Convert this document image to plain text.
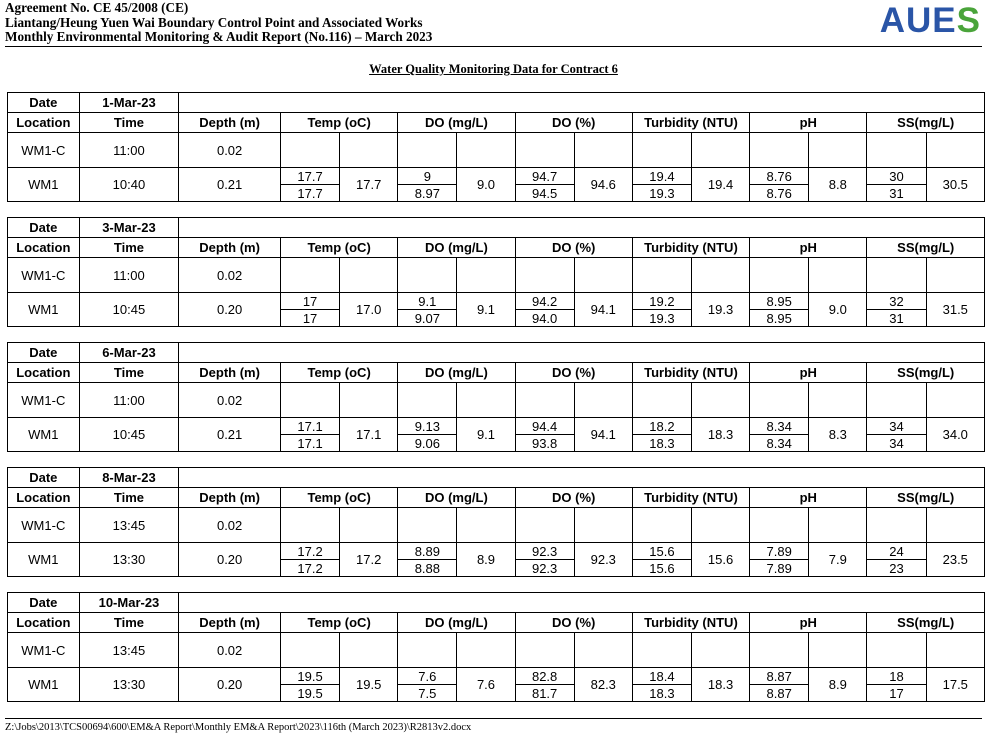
Agreement No. CE 45/2008 (CE)
Liantang/Heung Yuen Wai Boundary Control Point and Associated Works
Monthly Environmental Monitoring & Audit Report (No.116) – March 2023	AUES
Water Quality Monitoring Data for Contract 6
Date	1-Mar-23													
Location	Time	Depth (m)	Temp (oC)		DO (mg/L)		DO (%)		Turbidity (NTU)		pH		SS(mg/L)	
WM1-C	11:00	0.02												

WM1	10:40	0.21	17.7	17.7	9	9.0	94.7	94.6	19.4	19.4	8.76	8.8	30	30.5
			17.7		8.97		94.5		19.3		8.76		31	
Date	3-Mar-23													
Location	Time	Depth (m)	Temp (oC)		DO (mg/L)		DO (%)		Turbidity (NTU)		pH		SS(mg/L)	
WM1-C	11:00	0.02												

WM1	10:45	0.20	17	17.0	9.1	9.1	94.2	94.1	19.2	19.3	8.95	9.0	32	31.5
			17		9.07		94.0		19.3		8.95		31	
Date	6-Mar-23													
Location	Time	Depth (m)	Temp (oC)		DO (mg/L)		DO (%)		Turbidity (NTU)		pH		SS(mg/L)	
WM1-C	11:00	0.02												

WM1	10:45	0.21	17.1	17.1	9.13	9.1	94.4	94.1	18.2	18.3	8.34	8.3	34	34.0
			17.1		9.06		93.8		18.3		8.34		34	
Date	8-Mar-23													
Location	Time	Depth (m)	Temp (oC)		DO (mg/L)		DO (%)		Turbidity (NTU)		pH		SS(mg/L)	
WM1-C	13:45	0.02												

WM1	13:30	0.20	17.2	17.2	8.89	8.9	92.3	92.3	15.6	15.6	7.89	7.9	24	23.5
			17.2		8.88		92.3		15.6		7.89		23	
Date	10-Mar-23													
Location	Time	Depth (m)	Temp (oC)		DO (mg/L)		DO (%)		Turbidity (NTU)		pH		SS(mg/L)	
WM1-C	13:45	0.02												

WM1	13:30	0.20	19.5	19.5	7.6	7.6	82.8	82.3	18.4	18.3	8.87	8.9	18	17.5
			19.5		7.5		81.7		18.3		8.87		17	
Z:\Jobs\2013\TCS00694\600\EM&A Report\Monthly EM&A Report\2023\116th (March 2023)\R2813v2.docx
